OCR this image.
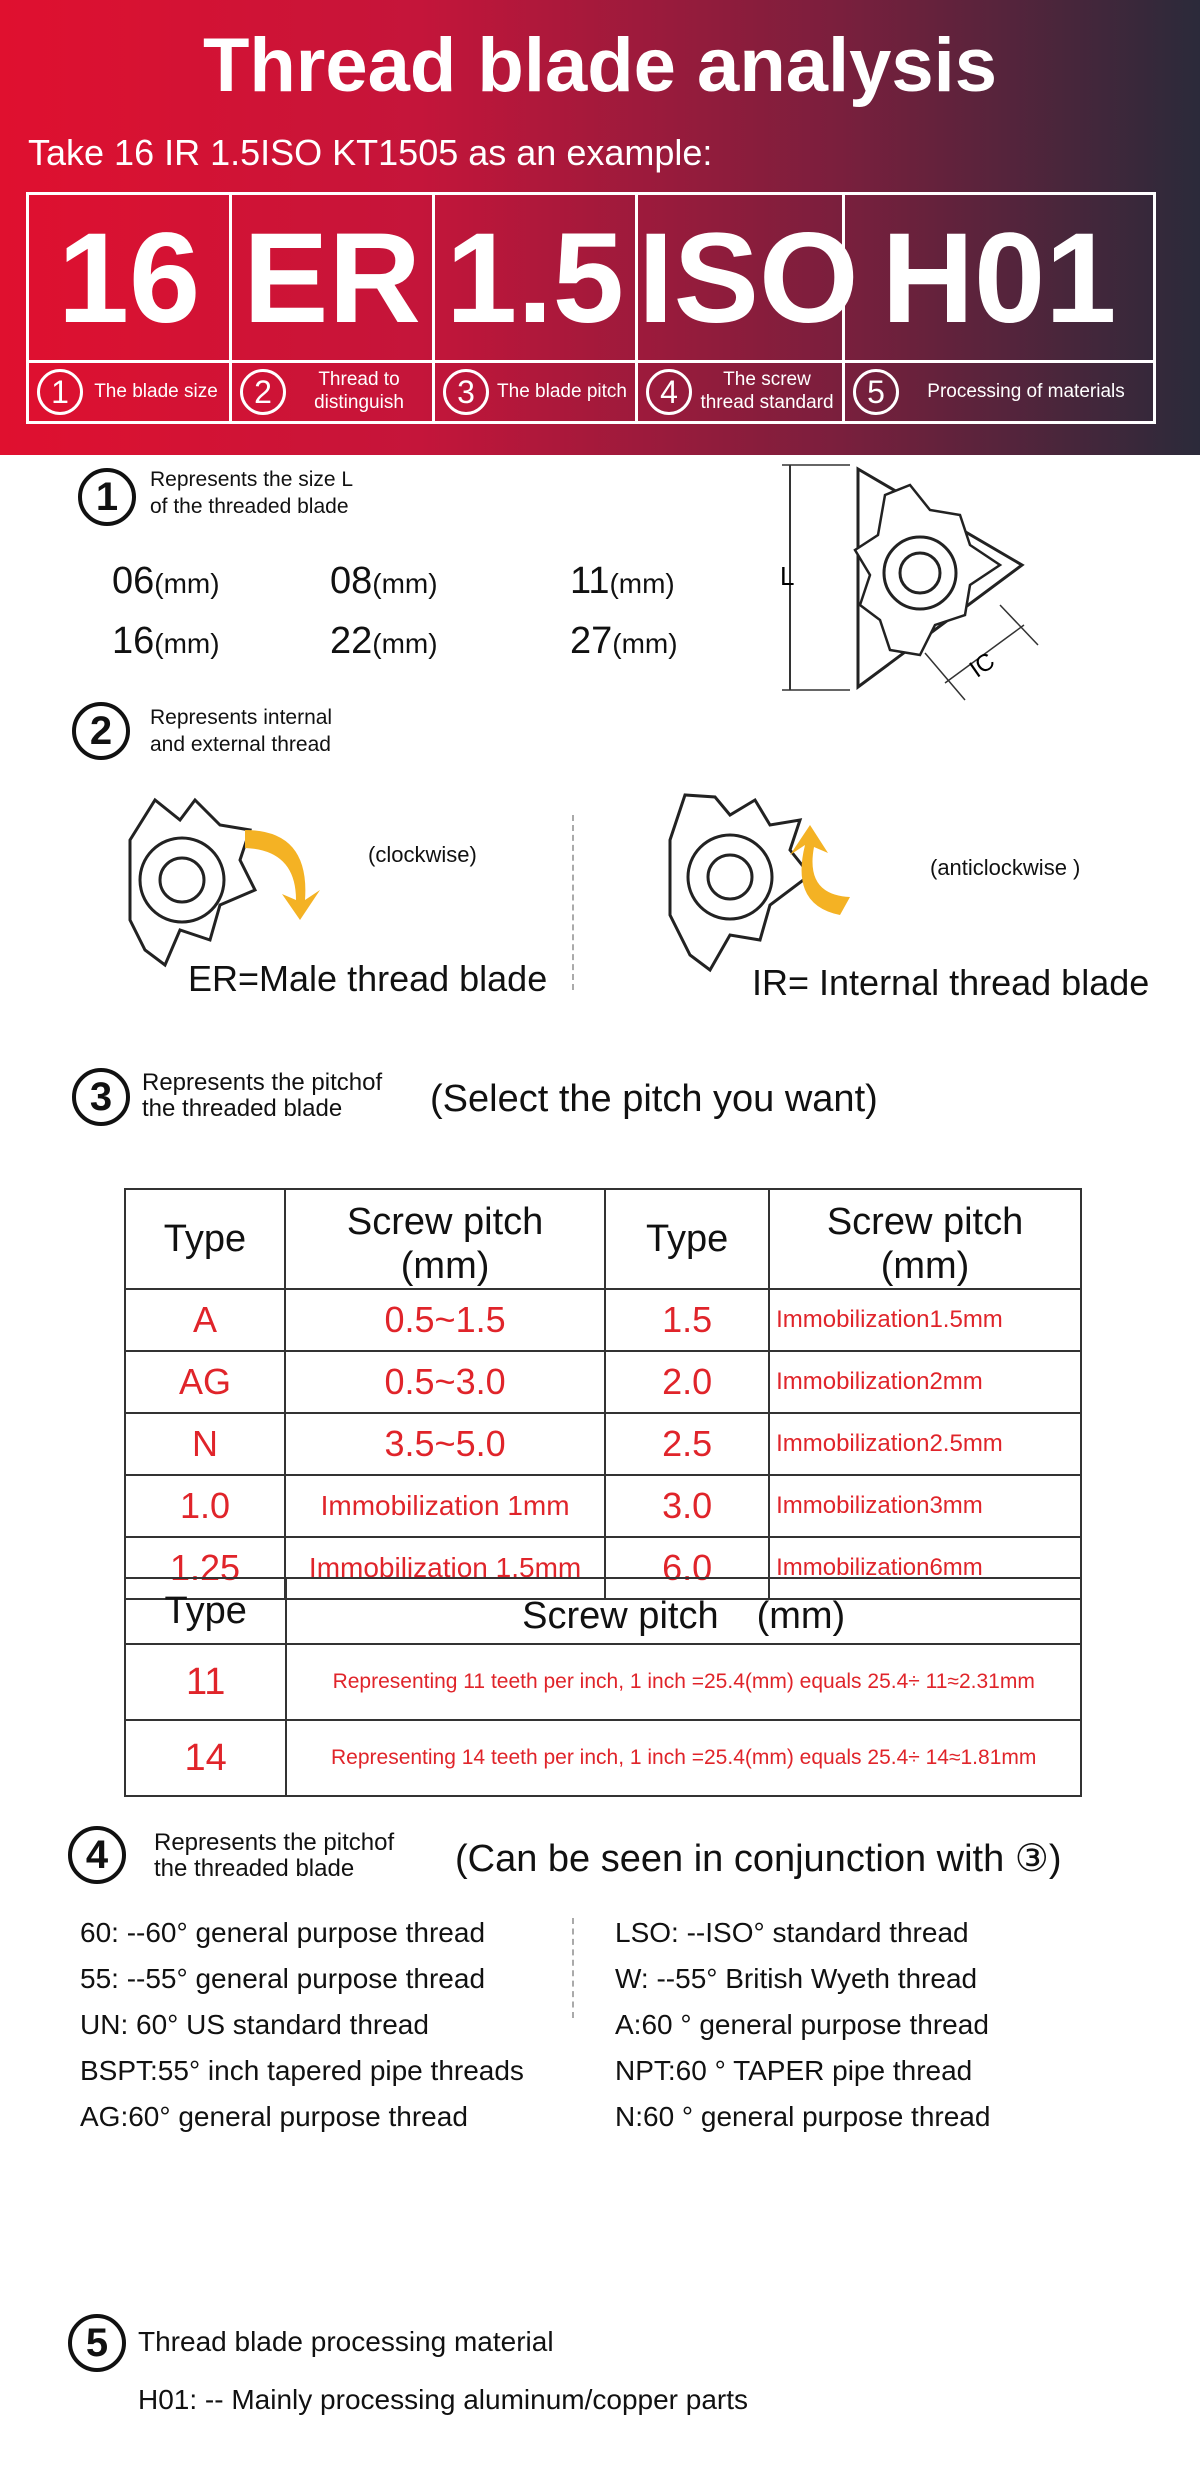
Thread blade analysis
Take 16 IR 1.5ISO KT1505 as an example:
16
1	The blade size
ER
2	Thread to distinguish
1.5
3	The blade pitch
ISO
4	The screw thread standard
H01
5	Processing of materials
1	Represents the size L
of the threaded blade
06(mm)	08(mm)	11(mm)
16(mm)	22(mm)	27(mm)
L
IC
2	Represents internal
and external thread
(clockwise)
ER=Male thread blade
(anticlockwise )
IR= Internal thread blade
3	Represents the pitchof
the threaded blade	(Select the pitch you want)
Type	Screw pitch　(mm)	Type	Screw pitch　(mm)
A	0.5~1.5	1.5	Immobilization1.5mm
AG	0.5~3.0	2.0	Immobilization2mm
N	3.5~5.0	2.5	Immobilization2.5mm
1.0	Immobilization 1mm	3.0	Immobilization3mm
1.25	Immobilization 1.5mm	6.0	Immobilization6mm
Type	Screw pitch　(mm)
11	Representing 11 teeth per inch, 1 inch =25.4(mm) equals 25.4÷ 11≈2.31mm
14	Representing 14 teeth per inch, 1 inch =25.4(mm) equals 25.4÷ 14≈1.81mm
4	Represents the pitchof
the threaded blade	(Can be seen in conjunction with ③)
60: --60° general purpose thread
55: --55° general purpose thread
UN: 60° US standard thread
BSPT:55° inch tapered pipe threads
AG:60° general purpose thread
LSO: --ISO° standard thread
W: --55° British Wyeth thread
A:60 ° general purpose thread
NPT:60 ° TAPER pipe thread
N:60 ° general purpose thread
5	Thread blade processing material
H01: -- Mainly processing aluminum/copper parts
